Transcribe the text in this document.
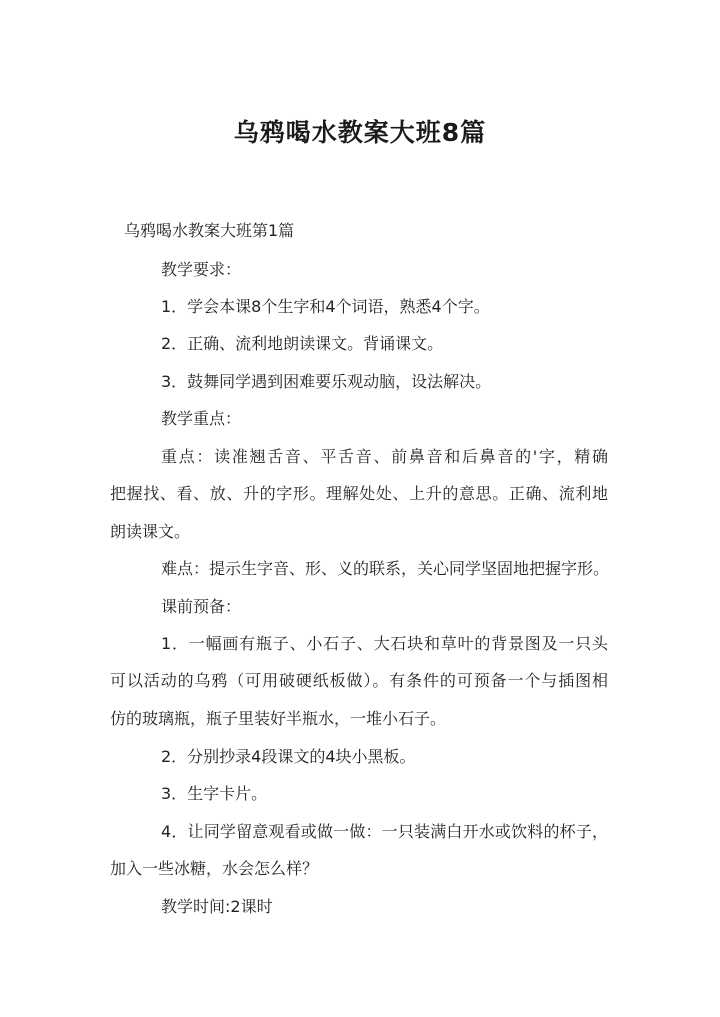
乌鸦喝水教案大班8篇
乌鸦喝水教案大班第1篇
教学要求：
1．学会本课8个生字和4个词语，熟悉4个字。
2．正确、流利地朗读课文。背诵课文。
3．鼓舞同学遇到困难要乐观动脑，设法解决。
教学重点：
重点：读准翘舌音、平舌音、前鼻音和后鼻音的'字，精确
把握找、看、放、升的字形。理解处处、上升的意思。正确、流利地
朗读课文。
难点：提示生字音、形、义的联系，关心同学坚固地把握字形。
课前预备：
1．一幅画有瓶子、小石子、大石块和草叶的背景图及一只头
可以活动的乌鸦（可用破硬纸板做）。有条件的可预备一个与插图相
仿的玻璃瓶，瓶子里装好半瓶水，一堆小石子。
2．分别抄录4段课文的4块小黑板。
3．生字卡片。
4．让同学留意观看或做一做：一只装满白开水或饮料的杯子，
加入一些冰糖，水会怎么样？
教学时间:2课时
